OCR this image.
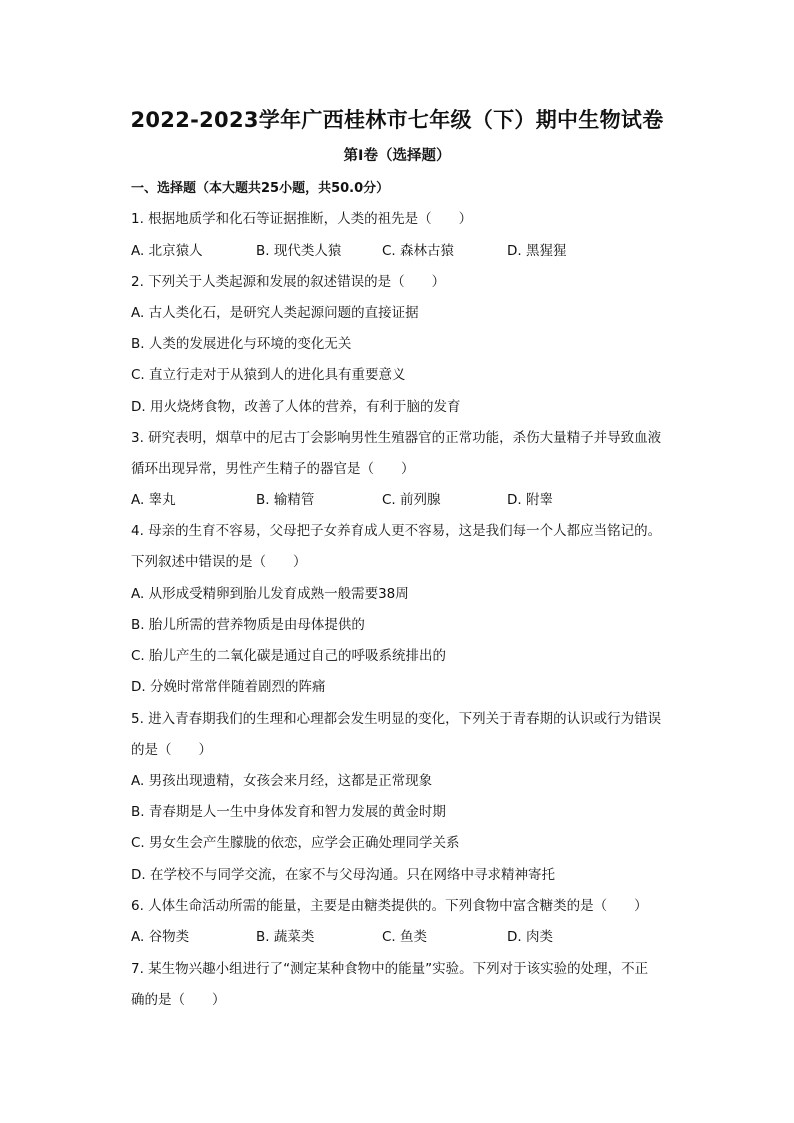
2022-2023学年广西桂林市七年级（下）期中生物试卷
第I卷（选择题）
一、选择题（本大题共25小题，共50.0分）
1. 根据地质学和化石等证据推断，人类的祖先是（　　）
A. 北京猿人	B. 现代类人猿	C. 森林古猿	D. 黑猩猩
2. 下列关于人类起源和发展的叙述错误的是（　　）
A. 古人类化石，是研究人类起源问题的直接证据
B. 人类的发展进化与环境的变化无关
C. 直立行走对于从猿到人的进化具有重要意义
D. 用火烧烤食物，改善了人体的营养，有利于脑的发育
3. 研究表明，烟草中的尼古丁会影响男性生殖器官的正常功能，杀伤大量精子并导致血液
循环出现异常，男性产生精子的器官是（　　）
A. 睾丸	B. 输精管	C. 前列腺	D. 附睾
4. 母亲的生育不容易，父母把子女养育成人更不容易，这是我们每一个人都应当铭记的。
下列叙述中错误的是（　　）
A. 从形成受精卵到胎儿发育成熟一般需要38周
B. 胎儿所需的营养物质是由母体提供的
C. 胎儿产生的二氧化碳是通过自己的呼吸系统排出的
D. 分娩时常常伴随着剧烈的阵痛
5. 进入青春期我们的生理和心理都会发生明显的变化，下列关于青春期的认识或行为错误
的是（　　）
A. 男孩出现遗精，女孩会来月经，这都是正常现象
B. 青春期是人一生中身体发育和智力发展的黄金时期
C. 男女生会产生朦胧的依恋，应学会正确处理同学关系
D. 在学校不与同学交流，在家不与父母沟通。只在网络中寻求精神寄托
6. 人体生命活动所需的能量，主要是由糖类提供的。下列食物中富含糖类的是（　　）
A. 谷物类	B. 蔬菜类	C. 鱼类	D. 肉类
7. 某生物兴趣小组进行了“测定某种食物中的能量”实验。下列对于该实验的处理，不正
确的是（　　）
